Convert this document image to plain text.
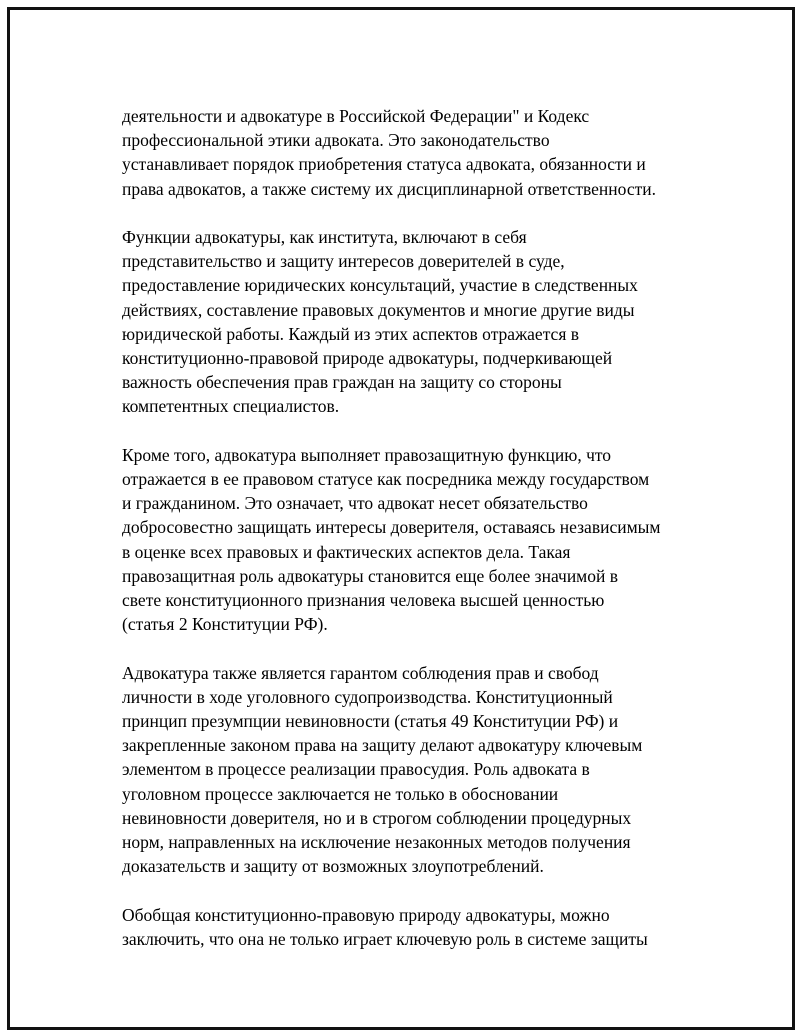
деятельности и адвокатуре в Российской Федерации" и Кодекс
профессиональной этики адвоката. Это законодательство
устанавливает порядок приобретения статуса адвоката, обязанности и
права адвокатов, а также систему их дисциплинарной ответственности.

Функции адвокатуры, как института, включают в себя
представительство и защиту интересов доверителей в суде,
предоставление юридических консультаций, участие в следственных
действиях, составление правовых документов и многие другие виды
юридической работы. Каждый из этих аспектов отражается в
конституционно-правовой природе адвокатуры, подчеркивающей
важность обеспечения прав граждан на защиту со стороны
компетентных специалистов.

Кроме того, адвокатура выполняет правозащитную функцию, что
отражается в ее правовом статусе как посредника между государством
и гражданином. Это означает, что адвокат несет обязательство
добросовестно защищать интересы доверителя, оставаясь независимым
в оценке всех правовых и фактических аспектов дела. Такая
правозащитная роль адвокатуры становится еще более значимой в
свете конституционного признания человека высшей ценностью
(статья 2 Конституции РФ).

Адвокатура также является гарантом соблюдения прав и свобод
личности в ходе уголовного судопроизводства. Конституционный
принцип презумпции невиновности (статья 49 Конституции РФ) и
закрепленные законом права на защиту делают адвокатуру ключевым
элементом в процессе реализации правосудия. Роль адвоката в
уголовном процессе заключается не только в обосновании
невиновности доверителя, но и в строгом соблюдении процедурных
норм, направленных на исключение незаконных методов получения
доказательств и защиту от возможных злоупотреблений.

Обобщая конституционно-правовую природу адвокатуры, можно
заключить, что она не только играет ключевую роль в системе защиты
